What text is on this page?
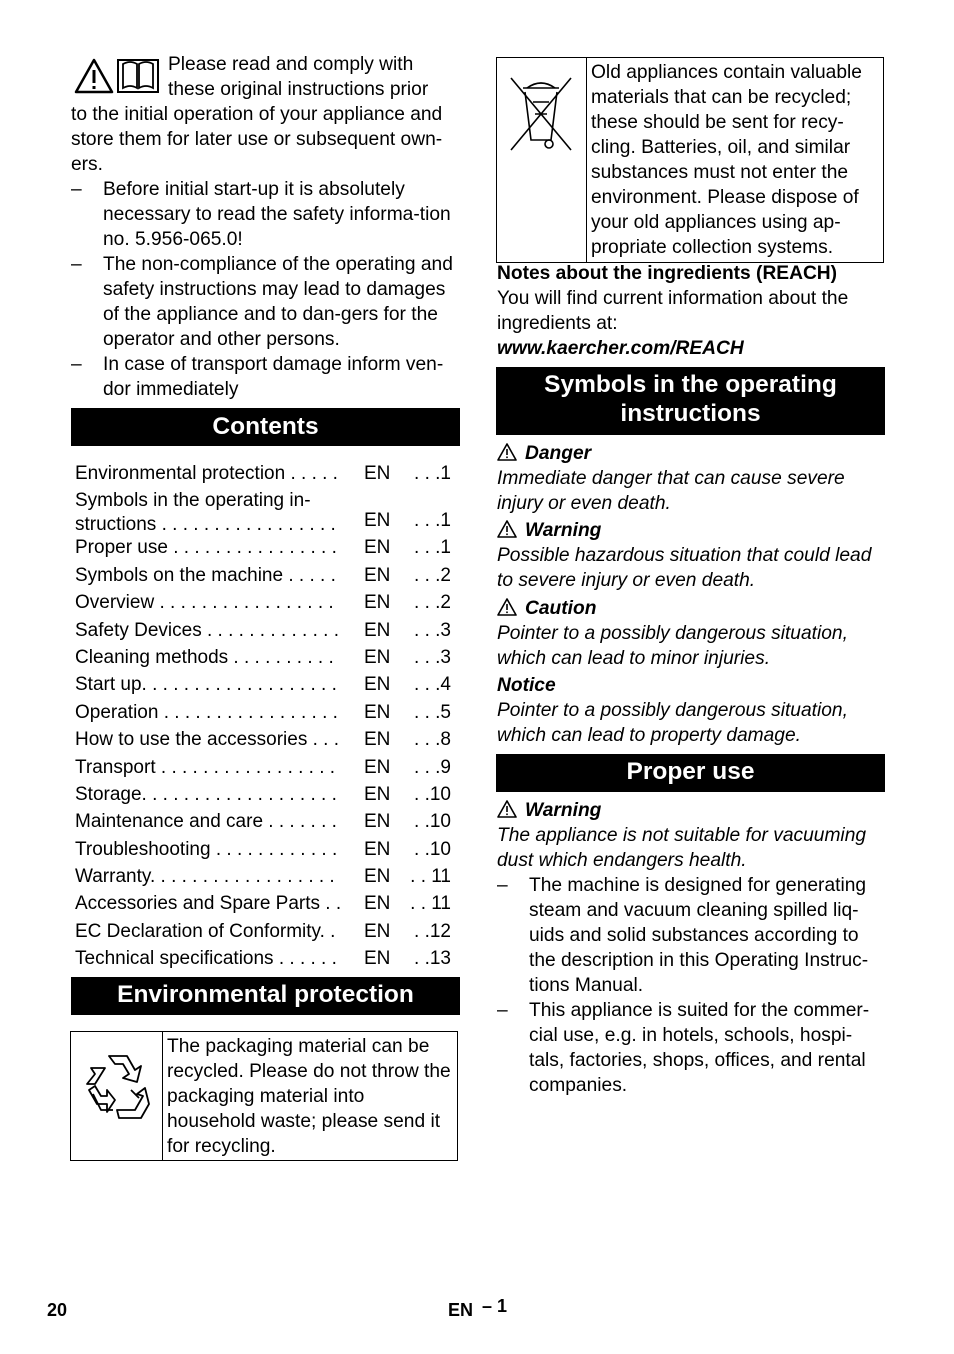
Please read and comply with
these original instructions prior
to the initial operation of your appliance and store them for later use or subsequent own-ers.
– Before initial start-up it is absolutely necessary to read the safety informa-tion no. 5.956-065.0!
– The non-compliance of the operating and safety instructions may lead to damages of the appliance and to dan-gers for the operator and other persons.
– In case of transport damage inform ven-dor immediately
Contents
Environmental protection . . . . .	EN . . .1
Symbols in the operating in- structions . . . . . . . . . . . . . . . . .	EN . . .1
Proper use . . . . . . . . . . . . . . . .	EN . . .1
Symbols on the machine . . . . .	EN . . .2
Overview . . . . . . . . . . . . . . . . .	EN . . .2
Safety Devices . . . . . . . . . . . . .	EN . . .3
Cleaning methods . . . . . . . . . .	EN . . .3
Start up. . . . . . . . . . . . . . . . . . .	EN . . .4
Operation . . . . . . . . . . . . . . . . .	EN . . .5
How to use the accessories . . .	EN . . .8
Transport . . . . . . . . . . . . . . . . .	EN . . .9
Storage. . . . . . . . . . . . . . . . . . .	EN . .10
Maintenance and care . . . . . . .	EN . .10
Troubleshooting . . . . . . . . . . . .	EN . .10
Warranty. . . . . . . . . . . . . . . . . .	EN . . 11
Accessories and Spare Parts . .	EN . . 11
EC Declaration of Conformity. .	EN . .12
Technical specifications . . . . . .	EN . .13
Environmental protection
The packaging material can be recycled. Please do not throw the packaging material into household waste; please send it for recycling.
Old appliances contain valuable materials that can be recycled; these should be sent for recy-cling. Batteries, oil, and similar substances must not enter the environment. Please dispose of your old appliances using ap-propriate collection systems.
Notes about the ingredients (REACH)
You will find current information about the ingredients at:
www.kaercher.com/REACH
Symbols in the operating
instructions
Danger
Immediate danger that can cause severe injury or even death.
Warning
Possible hazardous situation that could lead to severe injury or even death.
Caution
Pointer to a possibly dangerous situation, which can lead to minor injuries.
Notice
Pointer to a possibly dangerous situation, which can lead to property damage.
Proper use
Warning
The appliance is not suitable for vacuuming dust which endangers health.
– The machine is designed for generating steam and vacuum cleaning spilled liq-uids and solid substances according to the description in this Operating Instruc-tions Manual.
– This appliance is suited for the commer-cial use, e.g. in hotels, schools, hospi-tals, factories, shops, offices, and rental companies.
20	EN – 1
